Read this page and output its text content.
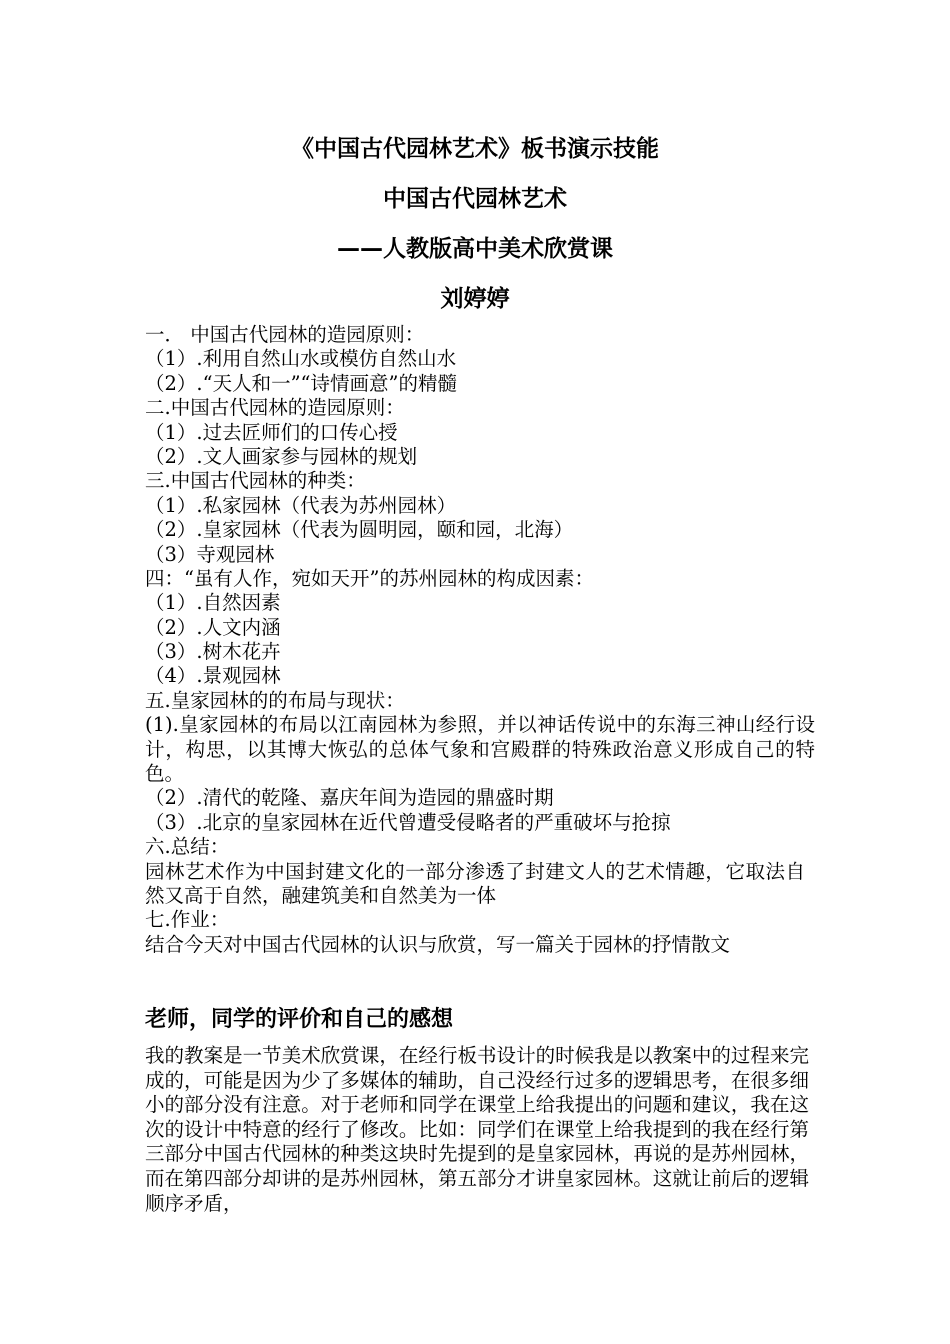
《中国古代园林艺术》板书演示技能
中国古代园林艺术
——人教版高中美术欣赏课
刘婷婷
一． 中国古代园林的造园原则：
（1）.利用自然山水或模仿自然山水
（2）.“天人和一”“诗情画意”的精髓
二.中国古代园林的造园原则：
（1）.过去匠师们的口传心授
（2）.文人画家参与园林的规划
三.中国古代园林的种类：
（1）.私家园林（代表为苏州园林）
（2）.皇家园林（代表为圆明园，颐和园，北海）
（3）寺观园林
四：“虽有人作，宛如天开”的苏州园林的构成因素：
（1）.自然因素
（2）.人文内涵
（3）.树木花卉
（4）.景观园林
五.皇家园林的的布局与现状：
(1).皇家园林的布局以江南园林为参照，并以神话传说中的东海三神山经行设计，构思，以其博大恢弘的总体气象和宫殿群的特殊政治意义形成自己的特色。
（2）.清代的乾隆、嘉庆年间为造园的鼎盛时期
（3）.北京的皇家园林在近代曾遭受侵略者的严重破坏与抢掠
六.总结：
园林艺术作为中国封建文化的一部分渗透了封建文人的艺术情趣，它取法自然又高于自然，融建筑美和自然美为一体
七.作业：
结合今天对中国古代园林的认识与欣赏，写一篇关于园林的抒情散文
老师，同学的评价和自己的感想
我的教案是一节美术欣赏课，在经行板书设计的时候我是以教案中的过程来完成的，可能是因为少了多媒体的辅助，自己没经行过多的逻辑思考，在很多细小的部分没有注意。对于老师和同学在课堂上给我提出的问题和建议，我在这次的设计中特意的经行了修改。比如：同学们在课堂上给我提到的我在经行第三部分中国古代园林的种类这块时先提到的是皇家园林，再说的是苏州园林，而在第四部分却讲的是苏州园林，第五部分才讲皇家园林。这就让前后的逻辑顺序矛盾，
